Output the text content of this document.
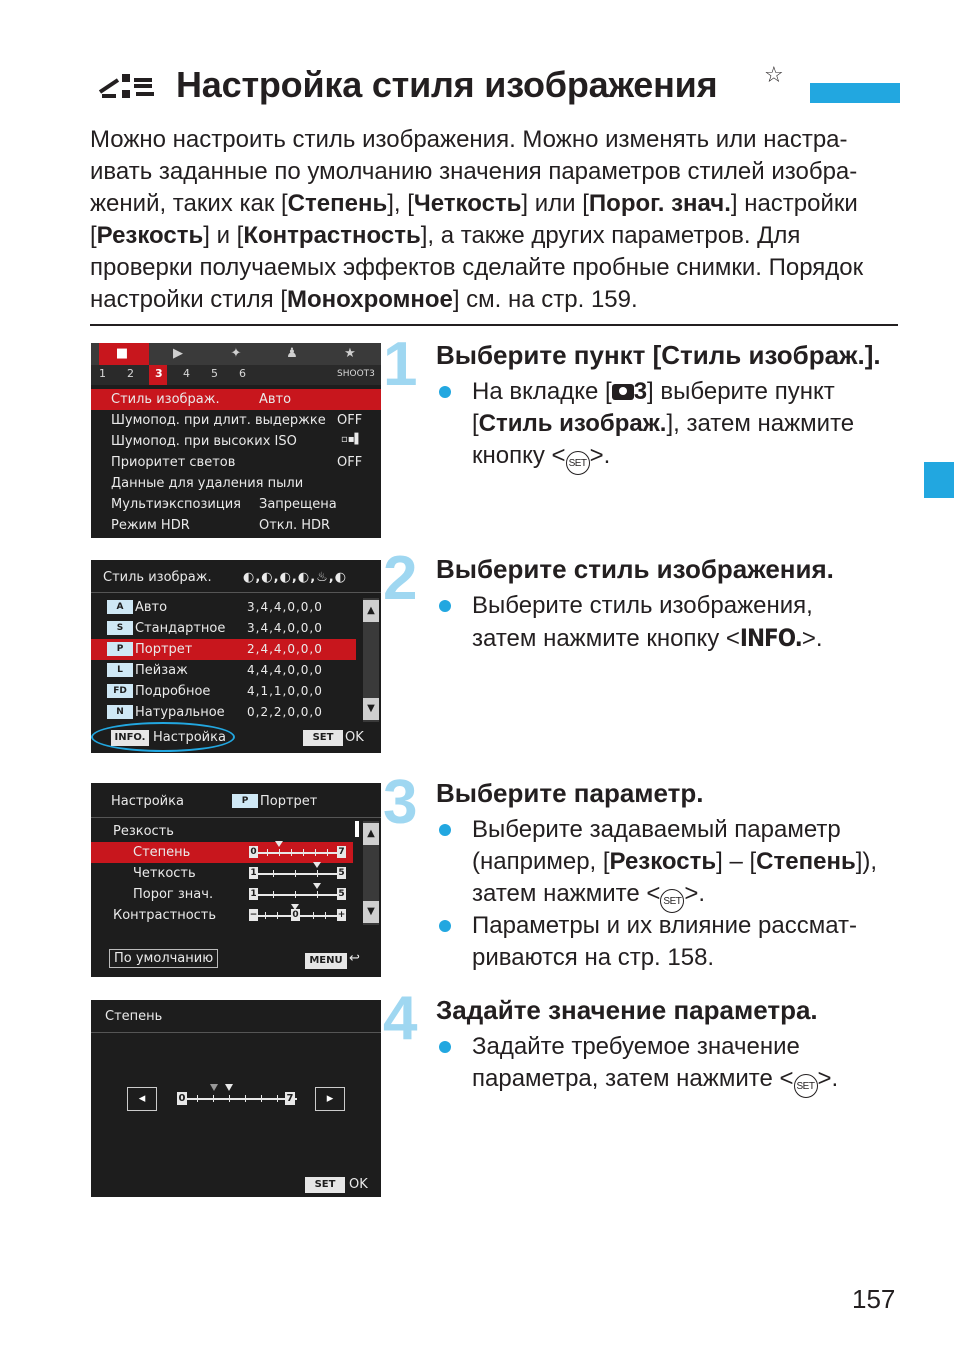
Настройка стиля изображения ☆
Можно настроить стиль изображения. Можно изменять или настра-
ивать заданные по умолчанию значения параметров стилей изобра-
жений, таких как [Степень], [Четкость] или [Порог. знач.] настройки
[Резкость] и [Контрастность], а также других параметров. Для
проверки получаемых эффектов сделайте пробные снимки. Порядок
настройки стиля [Монохромное] см. на стр. 159.
■	▶	✦	♟	★
1 2 3 4 5 6	SHOOT3
Стиль изображ.	Авто
Шумопод. при длит. выдержке OFF
Шумопод. при высоких ISO	▫▪▌
Приоритет светов	OFF
Данные для удаления пыли
Мультиэкспозиция Запрещена
Режим HDR	Откл. HDR
1 Выберите пункт [Стиль изображ.].
На вкладке [ 3] выберите пункт
[Стиль изображ.], затем нажмите
кнопку < SET >.
Стиль изображ. ◐,◐,◐,◐,♨,◐
A Авто	3,4,4,0,0,0
S Стандартное 3,4,4,0,0,0
P Портрет	2,4,4,0,0,0
L Пейзаж	4,4,4,0,0,0
FD Подробное	4,1,1,0,0,0
N Натуральное 0,2,2,0,0,0
▲
▼
INFO. Настройка	SET OK
2 Выберите стиль изображения.
Выберите стиль изображения,
затем нажмите кнопку <INFO.>.
Настройка	P Портрет
Резкость
Степень	0	7
Четкость	1	5
Порог знач.	1	5
Контрастность	−	0	+
▲
▼
По умолчанию	MENU ↩
3 Выберите параметр.
Выберите задаваемый параметр
(например, [Резкость] – [Степень]),
затем нажмите < SET >.
Параметры и их влияние рассмат-
риваются на стр. 158.
Степень
◂	▸
0	7
SET	OK
4 Задайте значение параметра.
Задайте требуемое значение
параметра, затем нажмите < SET >.
157
